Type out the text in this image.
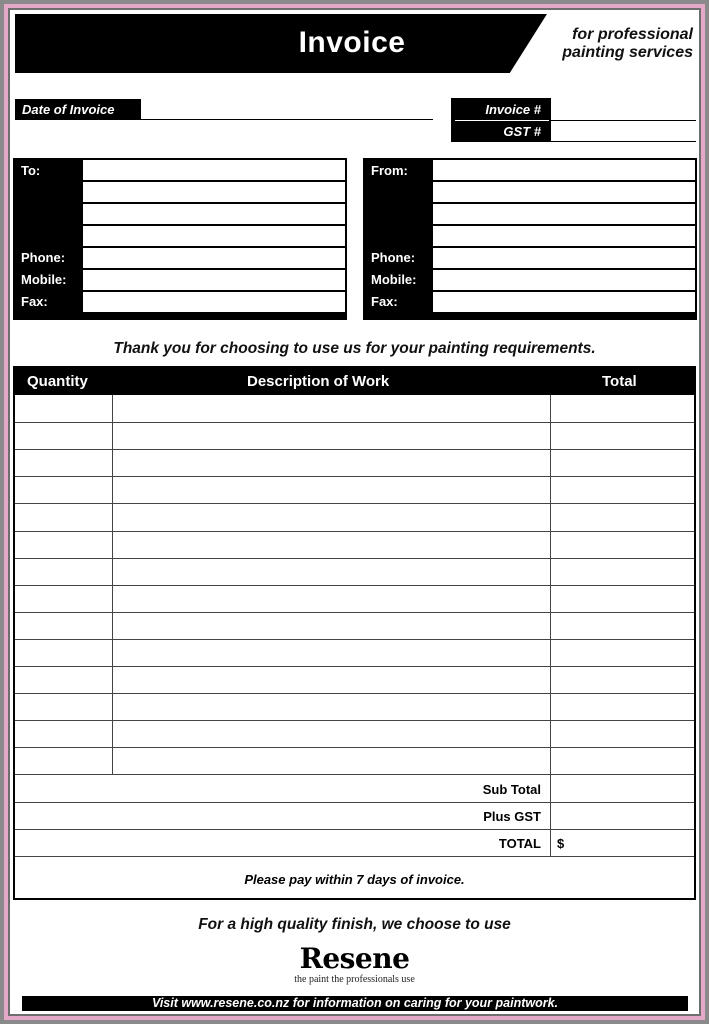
Invoice	for professional
painting services
Date of Invoice	Invoice #
GST #
To:
Phone:
Mobile:
Fax:
From:
Phone:
Mobile:
Fax:
Thank you for choosing to use us for your painting requirements.
Quantity	Description of Work	Total
Sub Total
Plus GST
TOTAL $
Please pay within 7 days of invoice.
For a high quality finish, we choose to use
Resene
the paint the professionals use
Visit www.resene.co.nz for information on caring for your paintwork.
